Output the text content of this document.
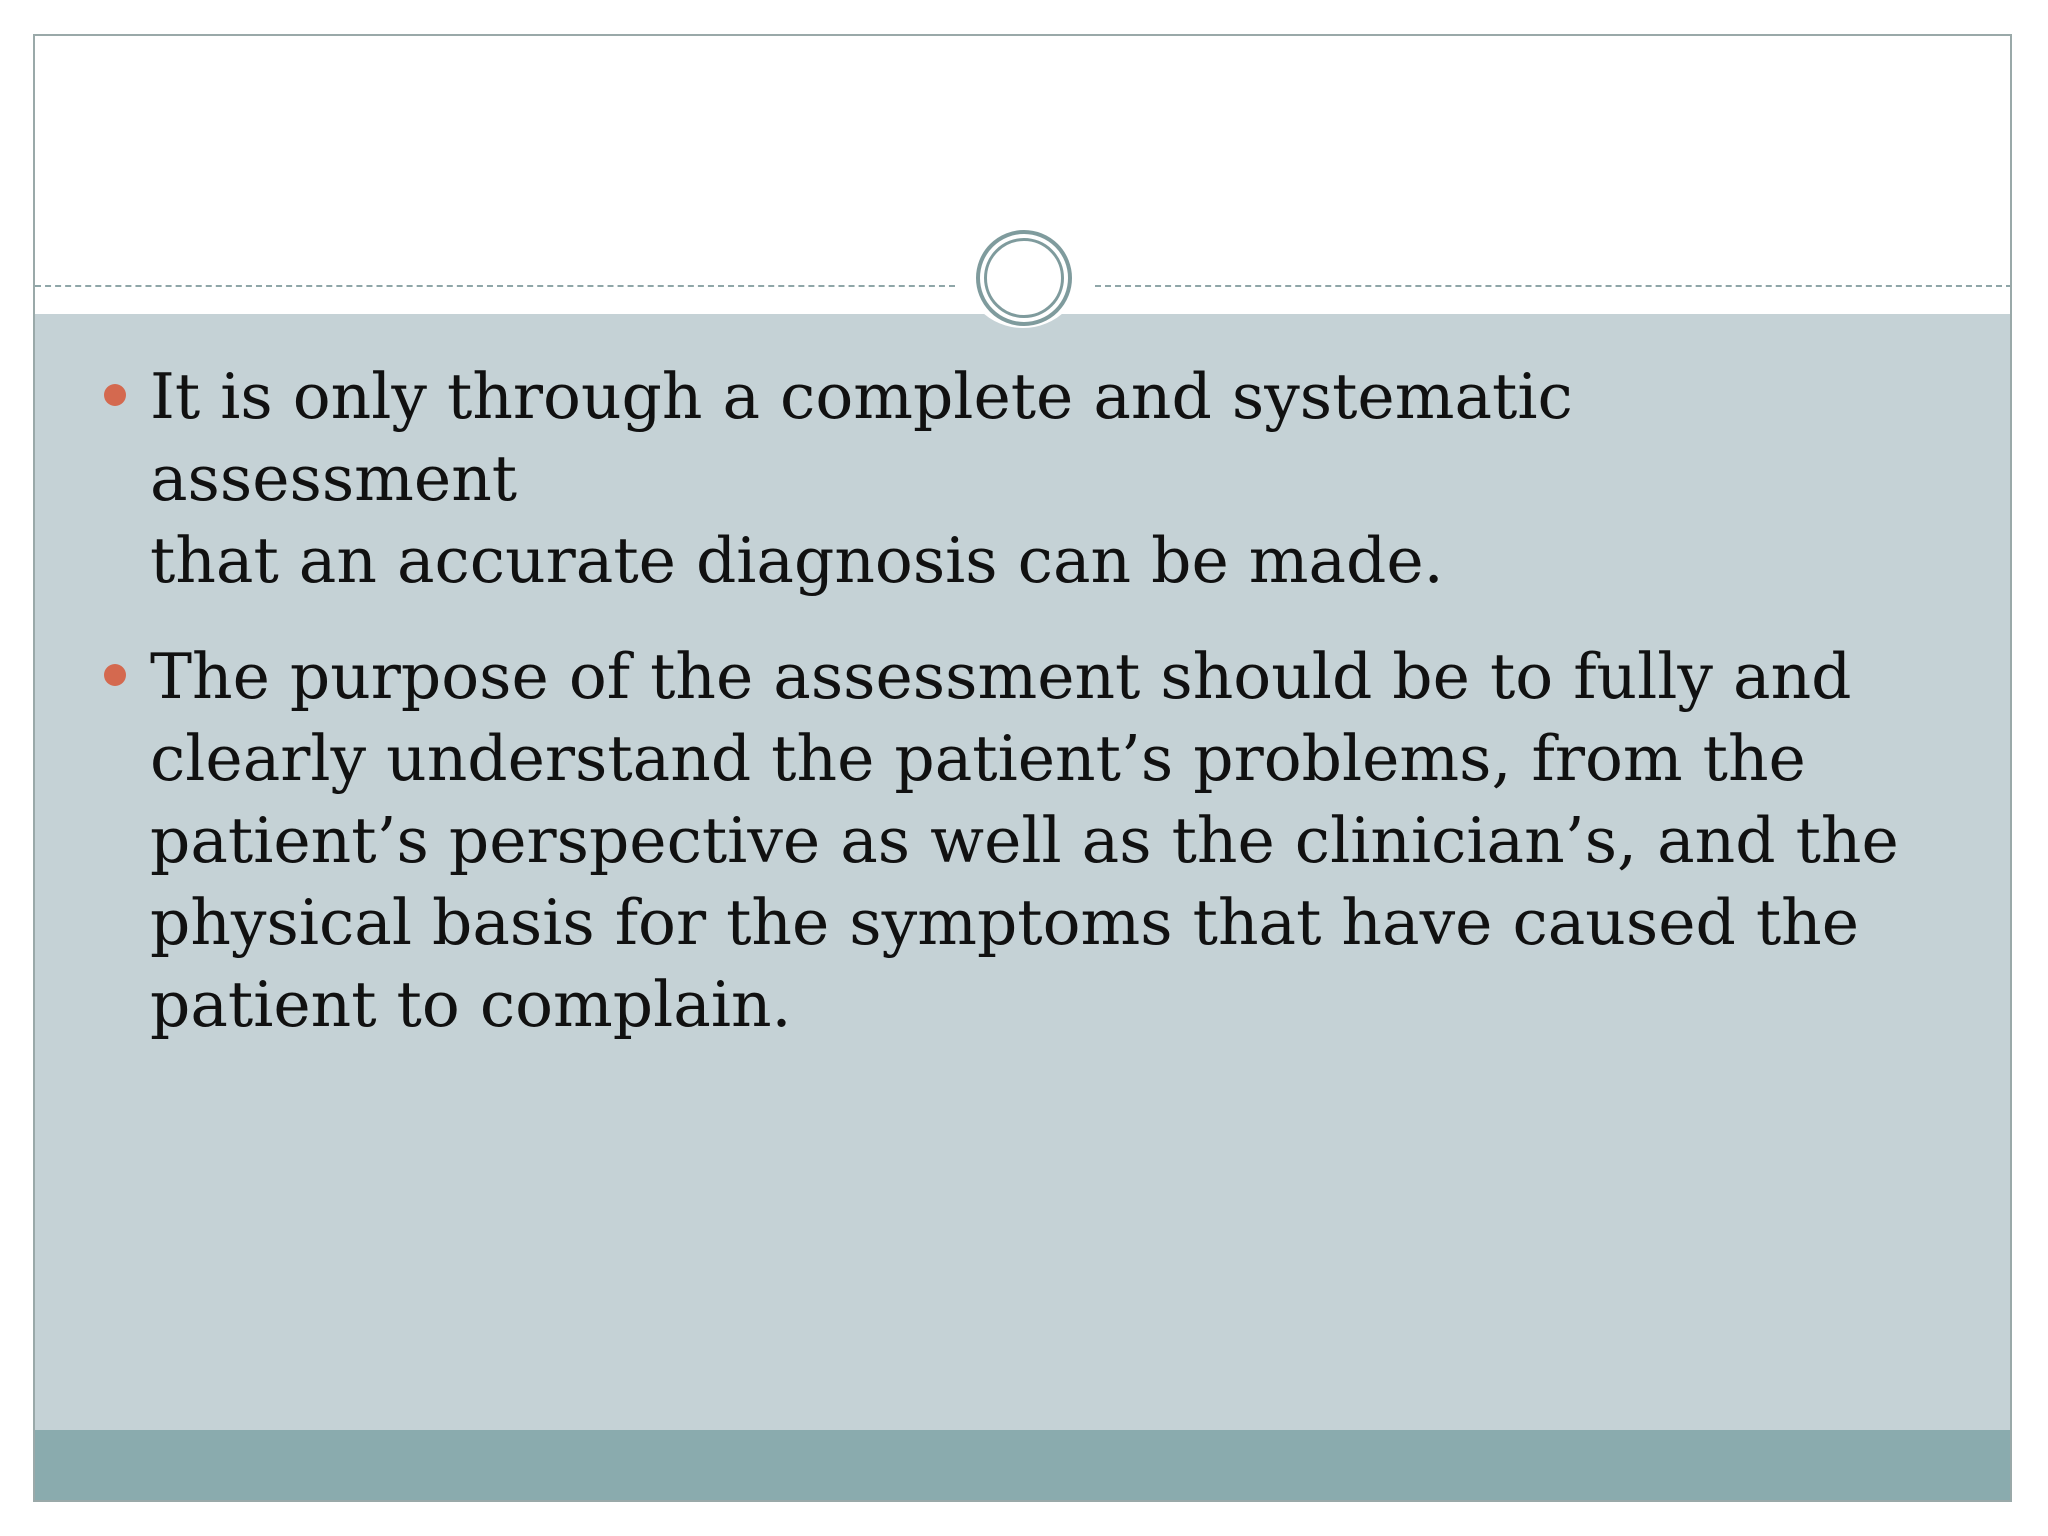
It is only through a complete and systematic assessment
that an accurate diagnosis can be made.
The purpose of the assessment should be to fully and
clearly understand the patient’s problems, from the
patient’s perspective as well as the clinician’s, and the
physical basis for the symptoms that have caused the
patient to complain.
